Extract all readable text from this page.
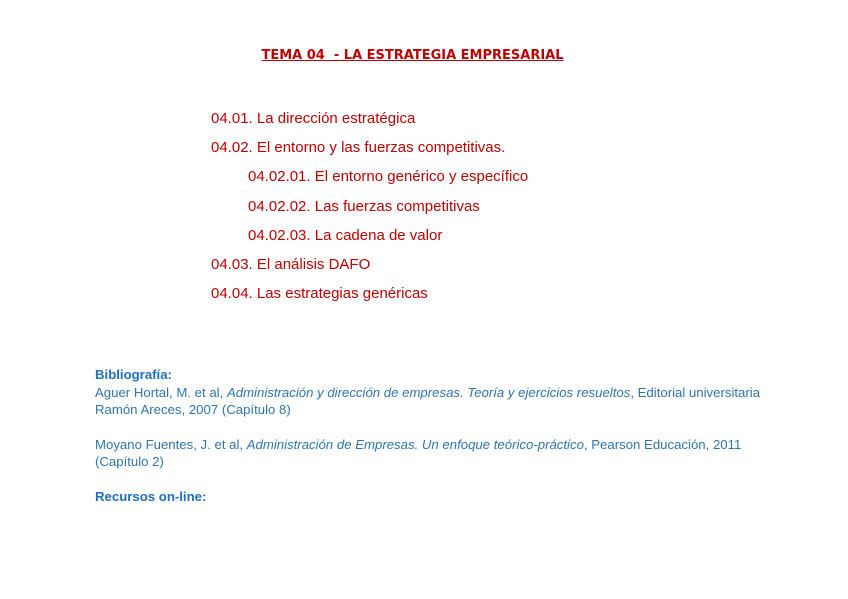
TEMA 04  - LA ESTRATEGIA EMPRESARIAL
04.01. La dirección estratégica
04.02. El entorno y las fuerzas competitivas.
04.02.01. El entorno genérico y específico
04.02.02. Las fuerzas competitivas
04.02.03. La cadena de valor
04.03. El análisis DAFO
04.04. Las estrategias genéricas

Bibliografía:

Aguer Hortal, M. et al, Administración y dirección de empresas. Teoría y ejercicios resueltos, Editorial universitaria Ramón Areces, 2007 (Capítulo 8)

Moyano Fuentes, J. et al, Administración de Empresas. Un enfoque teórico-práctico, Pearson Educación, 2011 (Capítulo 2)

Recursos on-line:
